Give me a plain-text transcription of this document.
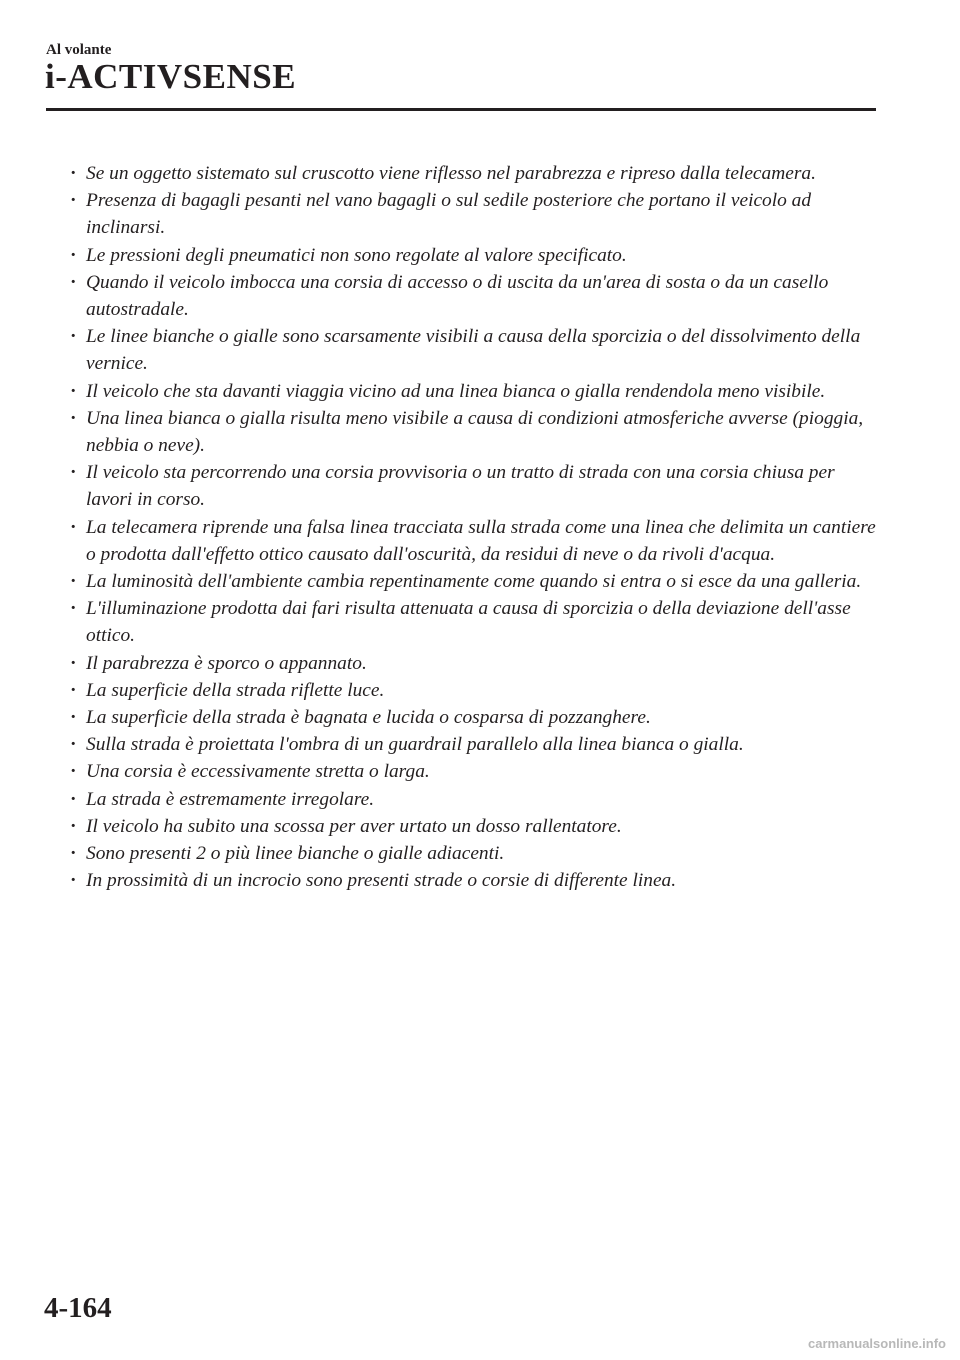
Al volante
i-ACTIVSENSE
· Se un oggetto sistemato sul cruscotto viene riflesso nel parabrezza e ripreso dalla telecamera.
· Presenza di bagagli pesanti nel vano bagagli o sul sedile posteriore che portano il veicolo ad inclinarsi.
· Le pressioni degli pneumatici non sono regolate al valore specificato.
· Quando il veicolo imbocca una corsia di accesso o di uscita da un'area di sosta o da un casello autostradale.
· Le linee bianche o gialle sono scarsamente visibili a causa della sporcizia o del dissolvimento della vernice.
· Il veicolo che sta davanti viaggia vicino ad una linea bianca o gialla rendendola meno visibile.
· Una linea bianca o gialla risulta meno visibile a causa di condizioni atmosferiche avverse (pioggia, nebbia o neve).
· Il veicolo sta percorrendo una corsia provvisoria o un tratto di strada con una corsia chiusa per lavori in corso.
· La telecamera riprende una falsa linea tracciata sulla strada come una linea che delimita un cantiere o prodotta dall'effetto ottico causato dall'oscurità, da residui di neve o da rivoli d'acqua.
· La luminosità dell'ambiente cambia repentinamente come quando si entra o si esce da una galleria.
· L'illuminazione prodotta dai fari risulta attenuata a causa di sporcizia o della deviazione dell'asse ottico.
· Il parabrezza è sporco o appannato.
· La superficie della strada riflette luce.
· La superficie della strada è bagnata e lucida o cosparsa di pozzanghere.
· Sulla strada è proiettata l'ombra di un guardrail parallelo alla linea bianca o gialla.
· Una corsia è eccessivamente stretta o larga.
· La strada è estremamente irregolare.
· Il veicolo ha subito una scossa per aver urtato un dosso rallentatore.
· Sono presenti 2 o più linee bianche o gialle adiacenti.
· In prossimità di un incrocio sono presenti strade o corsie di differente linea.
4-164
carmanualsonline.info
